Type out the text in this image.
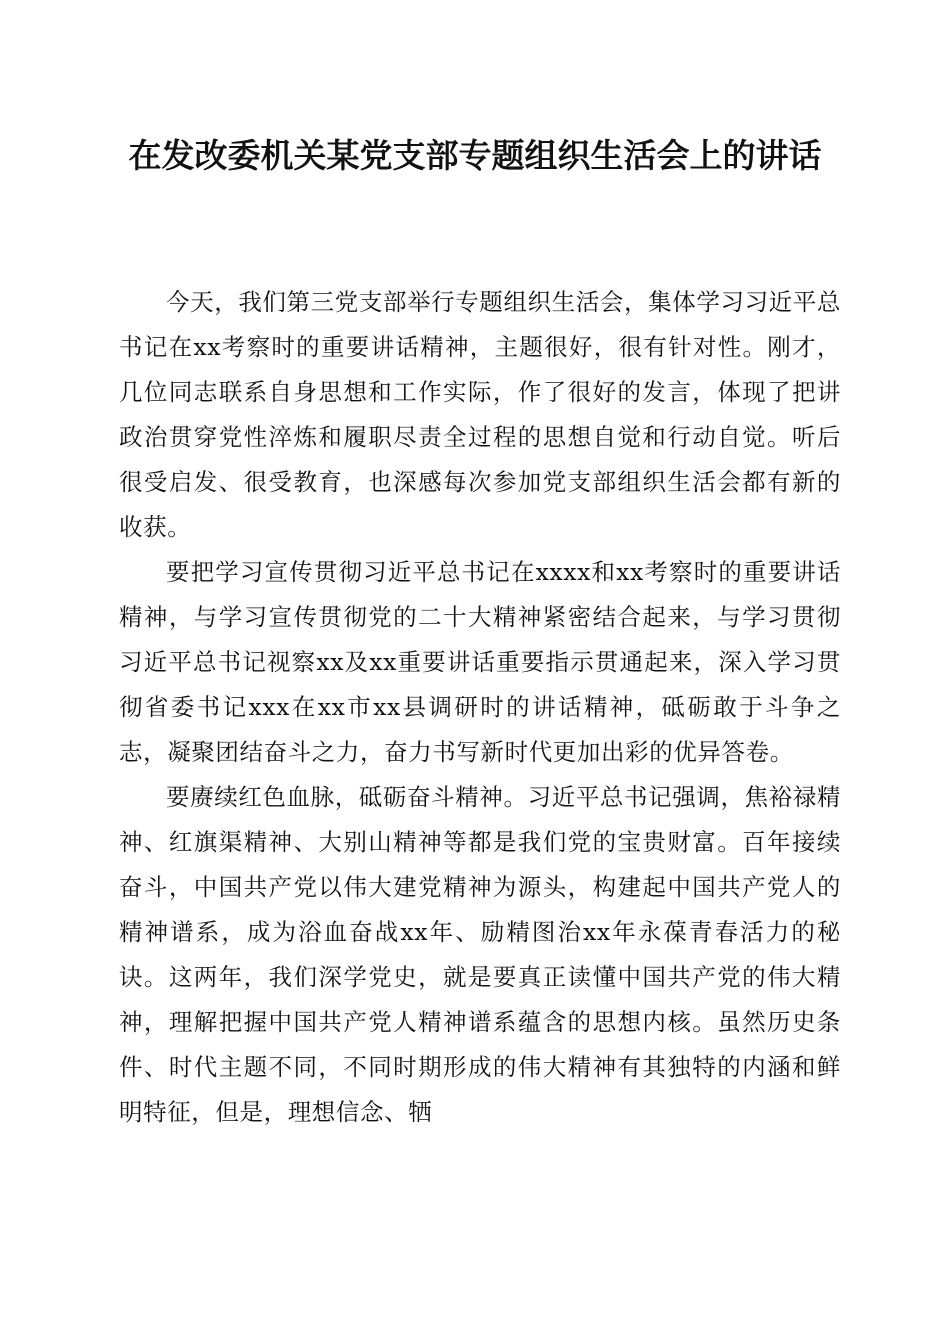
在发改委机关某党支部专题组织生活会上的讲话

今天，我们第三党支部举行专题组织生活会，集体学习习近平总书记在xx考察时的重要讲话精神，主题很好，很有针对性。刚才，几位同志联系自身思想和工作实际，作了很好的发言，体现了把讲政治贯穿党性淬炼和履职尽责全过程的思想自觉和行动自觉。听后很受启发、很受教育，也深感每次参加党支部组织生活会都有新的收获。

要把学习宣传贯彻习近平总书记在xxxx和xx考察时的重要讲话精神，与学习宣传贯彻党的二十大精神紧密结合起来，与学习贯彻习近平总书记视察xx及xx重要讲话重要指示贯通起来，深入学习贯彻省委书记xxx在xx市xx县调研时的讲话精神，砥砺敢于斗争之志，凝聚团结奋斗之力，奋力书写新时代更加出彩的优异答卷。

要赓续红色血脉，砥砺奋斗精神。习近平总书记强调，焦裕禄精神、红旗渠精神、大别山精神等都是我们党的宝贵财富。百年接续奋斗，中国共产党以伟大建党精神为源头，构建起中国共产党人的精神谱系，成为浴血奋战xx年、励精图治xx年永葆青春活力的秘诀。这两年，我们深学党史，就是要真正读懂中国共产党的伟大精神，理解把握中国共产党人精神谱系蕴含的思想内核。虽然历史条件、时代主题不同，不同时期形成的伟大精神有其独特的内涵和鲜明特征，但是，理想信念、牺
